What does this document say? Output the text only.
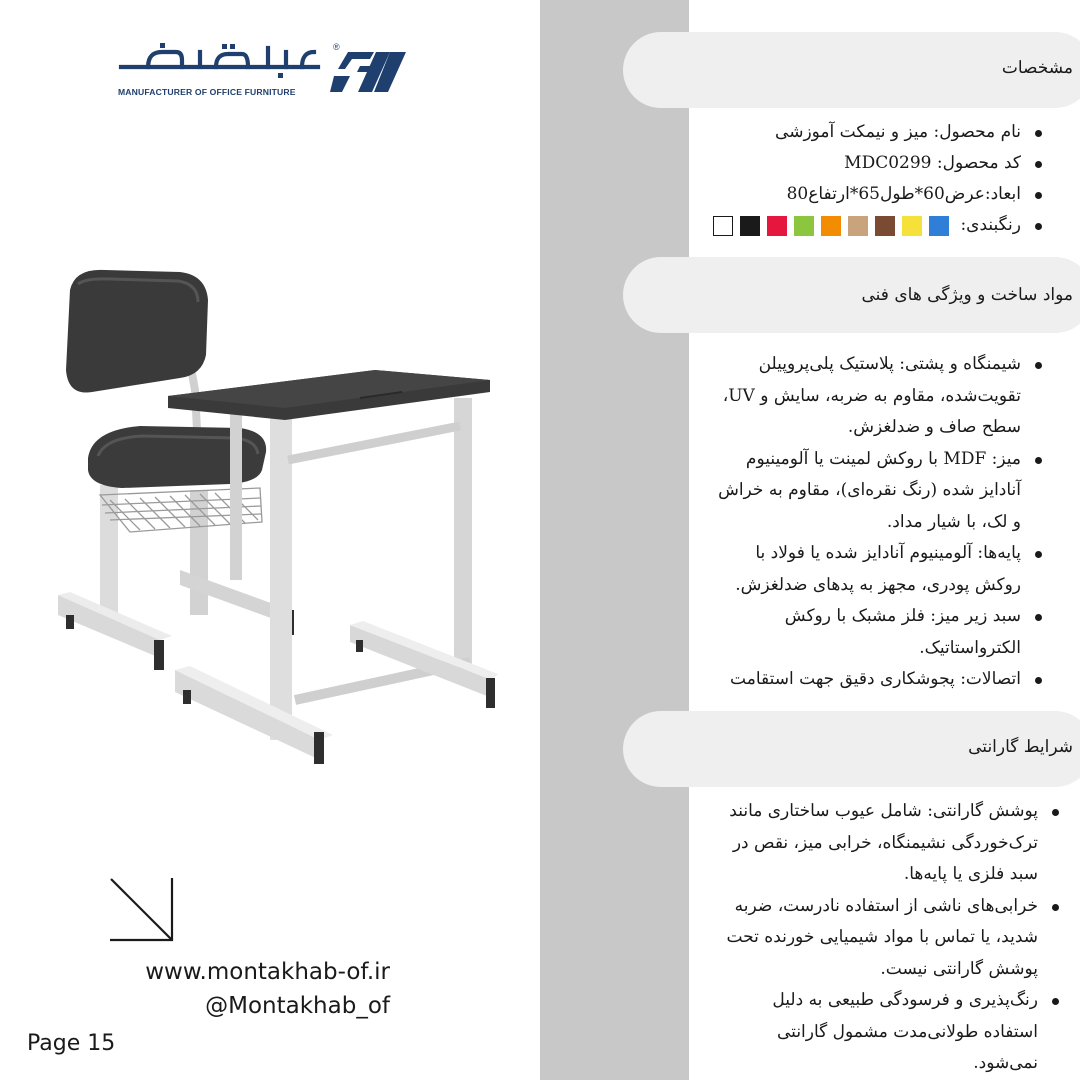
®
MANUFACTURER OF OFFICE FURNITURE
www.montakhab-of.ir
@Montakhab_of
Page 15
مشخصات
نام محصول: میز و نیمکت آموزشی
کد محصول: MDC0299
ابعاد:عرض60*طول65*ارتفاع80
رنگبندی:
مواد ساخت و ویژگی های فنی
شیمنگاه و پشتی: پلاستیک پلی‌پروپیلن تقویت‌شده، مقاوم به ضربه، سایش و UV، سطح صاف و ضدلغزش.
میز: MDF با روکش لمینت یا آلومینیوم آنادایز شده (رنگ نقره‌ای)، مقاوم به خراش و لک، با شیار مداد.
پایه‌ها: آلومینیوم آنادایز شده یا فولاد با روکش پودری، مجهز به پدهای ضدلغزش.
سبد زیر میز: فلز مشبک با روکش الکترواستاتیک.
اتصالات: پجوشکاری دقیق جهت استقامت
شرایط گارانتی
پوشش گارانتی: شامل عیوب ساختاری مانند ترک‌خوردگی نشیمنگاه، خرابی میز، نقص در سبد فلزی یا پایه‌ها.
خرابی‌های ناشی از استفاده نادرست، ضربه شدید، یا تماس با مواد شیمیایی خورنده تحت پوشش گارانتی نیست.
رنگ‌پذیری و فرسودگی طبیعی به دلیل استفاده طولانی‌مدت مشمول گارانتی نمی‌شود.
